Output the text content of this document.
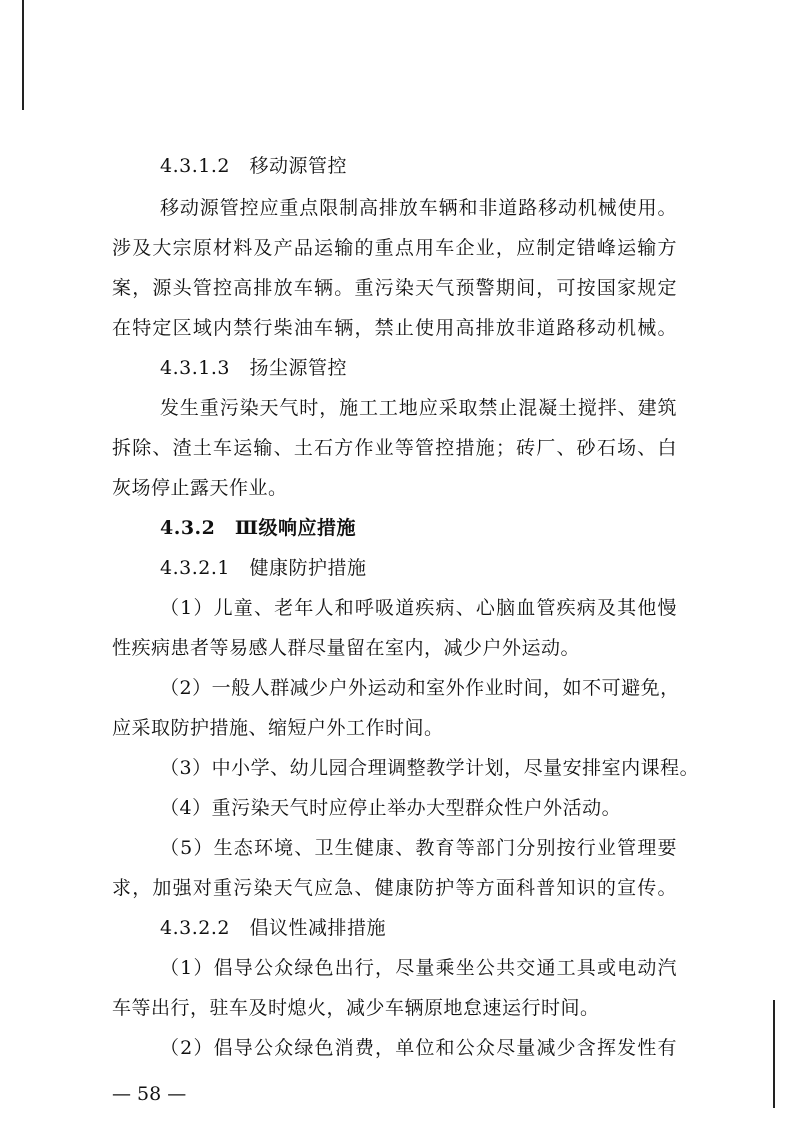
4.3.1.2　移动源管控
移动源管控应重点限制高排放车辆和非道路移动机械使用。
涉及大宗原材料及产品运输的重点用车企业，应制定错峰运输方
案，源头管控高排放车辆。重污染天气预警期间，可按国家规定
在特定区域内禁行柴油车辆，禁止使用高排放非道路移动机械。
4.3.1.3　扬尘源管控
发生重污染天气时，施工工地应采取禁止混凝土搅拌、建筑
拆除、渣土车运输、土石方作业等管控措施；砖厂、砂石场、白
灰场停止露天作业。
4.3.2　Ⅲ级响应措施
4.3.2.1　健康防护措施
（1）儿童、老年人和呼吸道疾病、心脑血管疾病及其他慢
性疾病患者等易感人群尽量留在室内，减少户外运动。
（2）一般人群减少户外运动和室外作业时间，如不可避免，
应采取防护措施、缩短户外工作时间。
（3）中小学、幼儿园合理调整教学计划，尽量安排室内课程。
（4）重污染天气时应停止举办大型群众性户外活动。
（5）生态环境、卫生健康、教育等部门分别按行业管理要
求，加强对重污染天气应急、健康防护等方面科普知识的宣传。
4.3.2.2　倡议性减排措施
（1）倡导公众绿色出行，尽量乘坐公共交通工具或电动汽
车等出行，驻车及时熄火，减少车辆原地怠速运行时间。
（2）倡导公众绿色消费，单位和公众尽量减少含挥发性有
— 58 —
